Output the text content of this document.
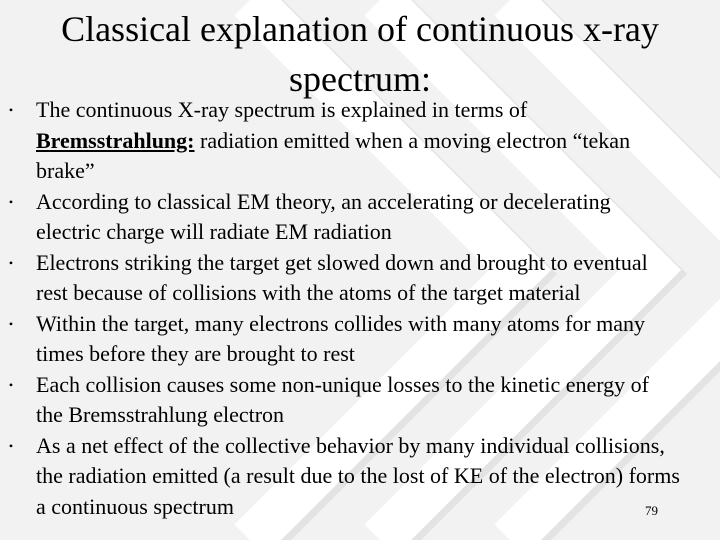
Classical explanation of continuous x-ray spectrum:
• The continuous X-ray spectrum is explained in terms of Bremsstrahlung: radiation emitted when a moving electron “tekan brake”
• According to classical EM theory, an accelerating or decelerating electric charge will radiate EM radiation
• Electrons striking the target get slowed down and brought to eventual rest because of collisions with the atoms of the target material
• Within the target, many electrons collides with many atoms for many times before they are brought to rest
• Each collision causes some non-unique losses to the kinetic energy of the Bremsstrahlung electron
• As a net effect of the collective behavior by many individual collisions, the radiation emitted (a result due to the lost of KE of the electron) forms a continuous spectrum	79
